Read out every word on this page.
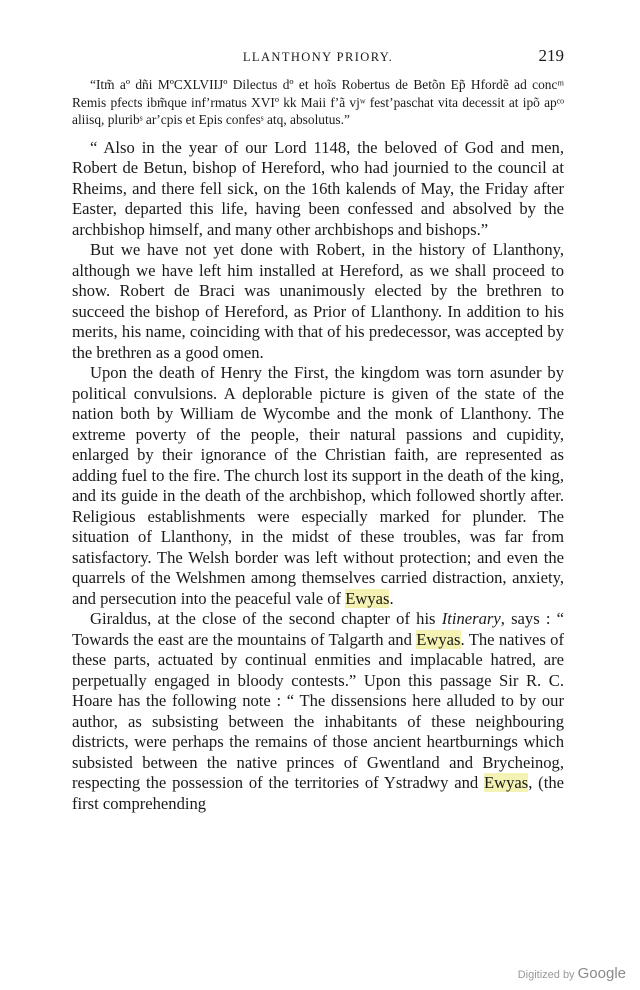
LLANTHONY PRIORY.	219

“Itm̃ aº dñi MºCXLVIIJº Dilectus dº et hoĩs Robertus de Betõn Ep̃ Hfordẽ ad concᵐ Remis pfects ibm̃que infʼrmatus XVIº kk Maii fʼã vjʷ festʼpaschat vita decessit at ipõ apᶜᵒ aliisq, pluribˢ arʼcpis et Epis confesˢ atq, absolutus.”

“ Also in the year of our Lord 1148, the beloved of God and men, Robert de Betun, bishop of Hereford, who had journied to the council at Rheims, and there fell sick, on the 16th kalends of May, the Friday after Easter, departed this life, having been confessed and absolved by the archbishop himself, and many other archbishops and bishops.”

But we have not yet done with Robert, in the history of Llanthony, although we have left him installed at Hereford, as we shall proceed to show. Robert de Braci was unanimously elected by the brethren to succeed the bishop of Hereford, as Prior of Llanthony. In addition to his merits, his name, coinciding with that of his predecessor, was accepted by the brethren as a good omen.

Upon the death of Henry the First, the kingdom was torn asunder by political convulsions. A deplorable picture is given of the state of the nation both by William de Wycombe and the monk of Llanthony. The extreme poverty of the people, their natural passions and cupidity, enlarged by their ignorance of the Christian faith, are represented as adding fuel to the fire. The church lost its support in the death of the king, and its guide in the death of the archbishop, which followed shortly after. Religious establishments were especially marked for plunder. The situation of Llanthony, in the midst of these troubles, was far from satisfactory. The Welsh border was left without protection; and even the quarrels of the Welshmen among themselves carried distraction, anxiety, and persecution into the peaceful vale of Ewyas.

Giraldus, at the close of the second chapter of his Itinerary, says : “ Towards the east are the mountains of Talgarth and Ewyas. The natives of these parts, actuated by continual enmities and implacable hatred, are perpetually engaged in bloody contests.” Upon this passage Sir R. C. Hoare has the following note : “ The dissensions here alluded to by our author, as subsisting between the inhabitants of these neighbouring districts, were perhaps the remains of those ancient heartburnings which subsisted between the native princes of Gwentland and Brycheinog, respecting the possession of the territories of Ystradwy and Ewyas, (the first comprehending

Digitized by Google
